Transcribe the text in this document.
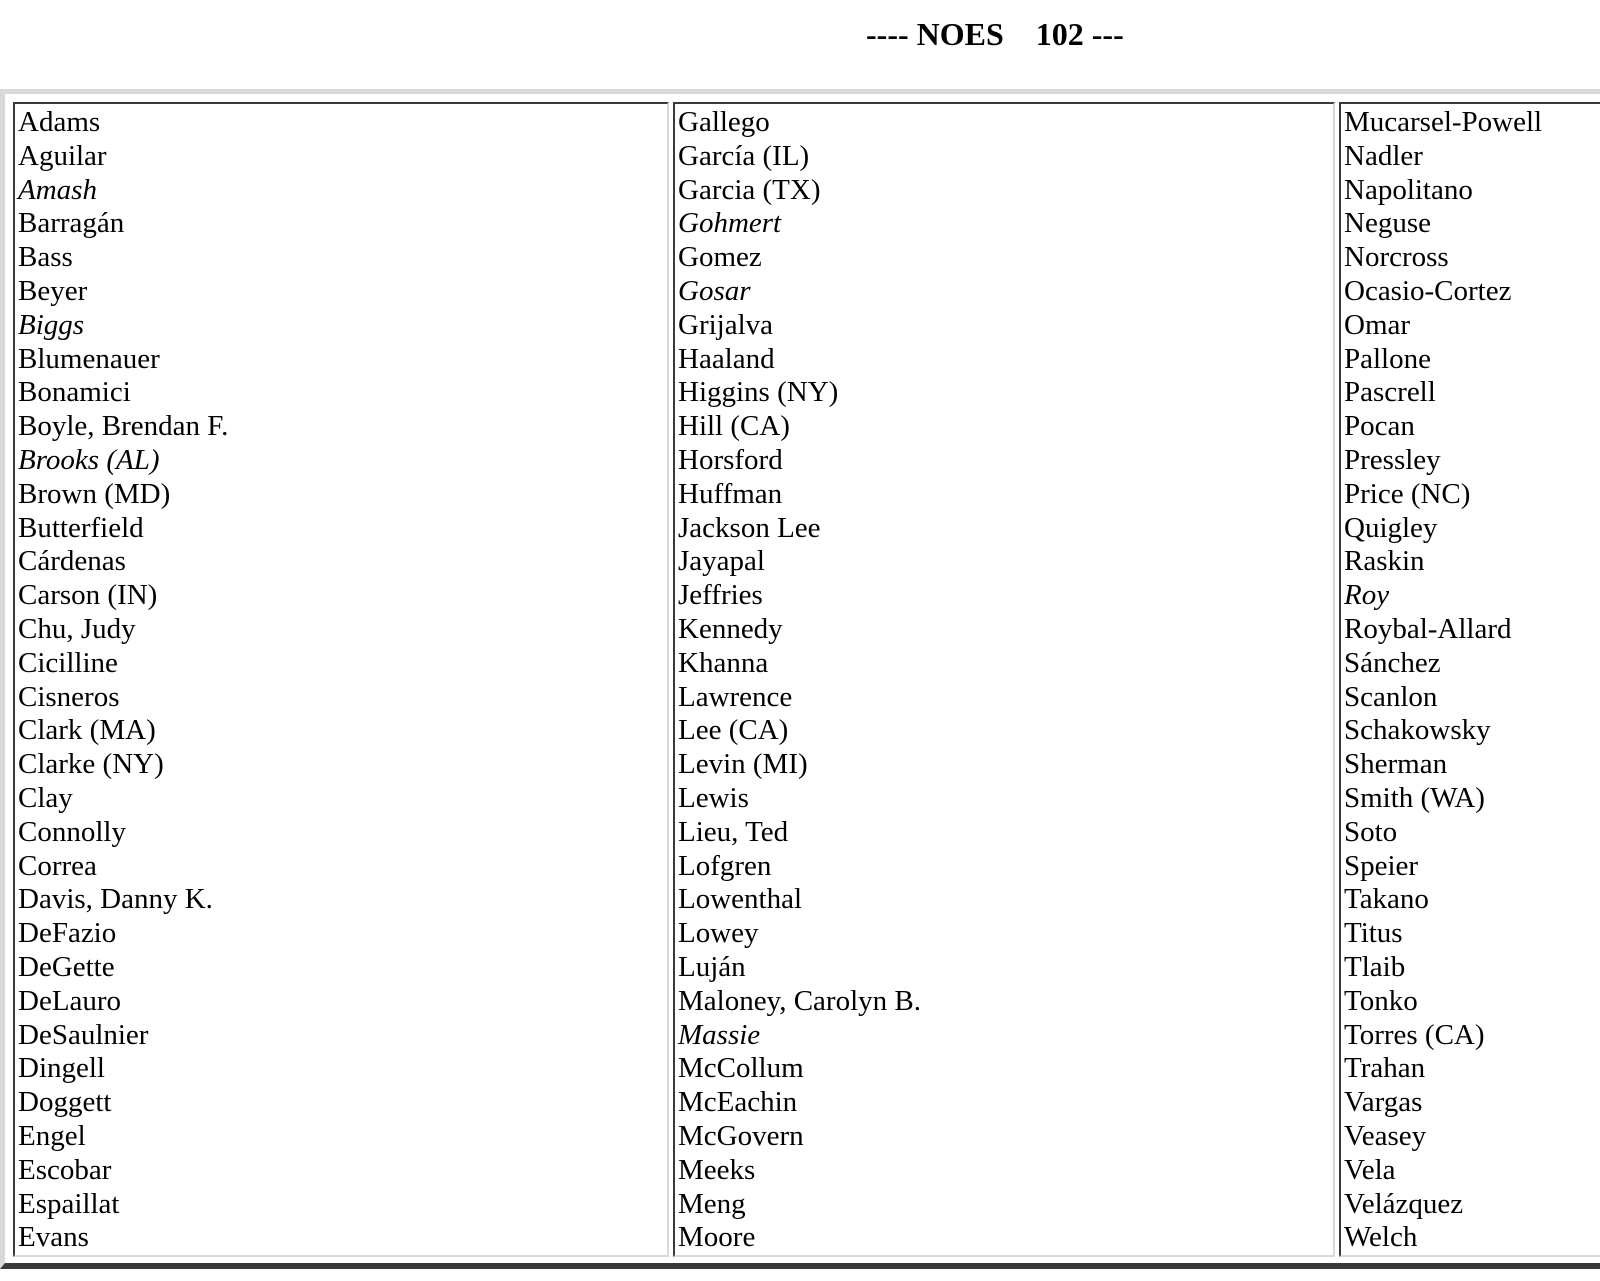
---- NOES    102 ---
Adams
Aguilar
Amash
Barragán
Bass
Beyer
Biggs
Blumenauer
Bonamici
Boyle, Brendan F.
Brooks (AL)
Brown (MD)
Butterfield
Cárdenas
Carson (IN)
Chu, Judy
Cicilline
Cisneros
Clark (MA)
Clarke (NY)
Clay
Connolly
Correa
Davis, Danny K.
DeFazio
DeGette
DeLauro
DeSaulnier
Dingell
Doggett
Engel
Escobar
Espaillat
Evans
Gallego
García (IL)
Garcia (TX)
Gohmert
Gomez
Gosar
Grijalva
Haaland
Higgins (NY)
Hill (CA)
Horsford
Huffman
Jackson Lee
Jayapal
Jeffries
Kennedy
Khanna
Lawrence
Lee (CA)
Levin (MI)
Lewis
Lieu, Ted
Lofgren
Lowenthal
Lowey
Luján
Maloney, Carolyn B.
Massie
McCollum
McEachin
McGovern
Meeks
Meng
Moore
Mucarsel-Powell
Nadler
Napolitano
Neguse
Norcross
Ocasio-Cortez
Omar
Pallone
Pascrell
Pocan
Pressley
Price (NC)
Quigley
Raskin
Roy
Roybal-Allard
Sánchez
Scanlon
Schakowsky
Sherman
Smith (WA)
Soto
Speier
Takano
Titus
Tlaib
Tonko
Torres (CA)
Trahan
Vargas
Veasey
Vela
Velázquez
Welch
